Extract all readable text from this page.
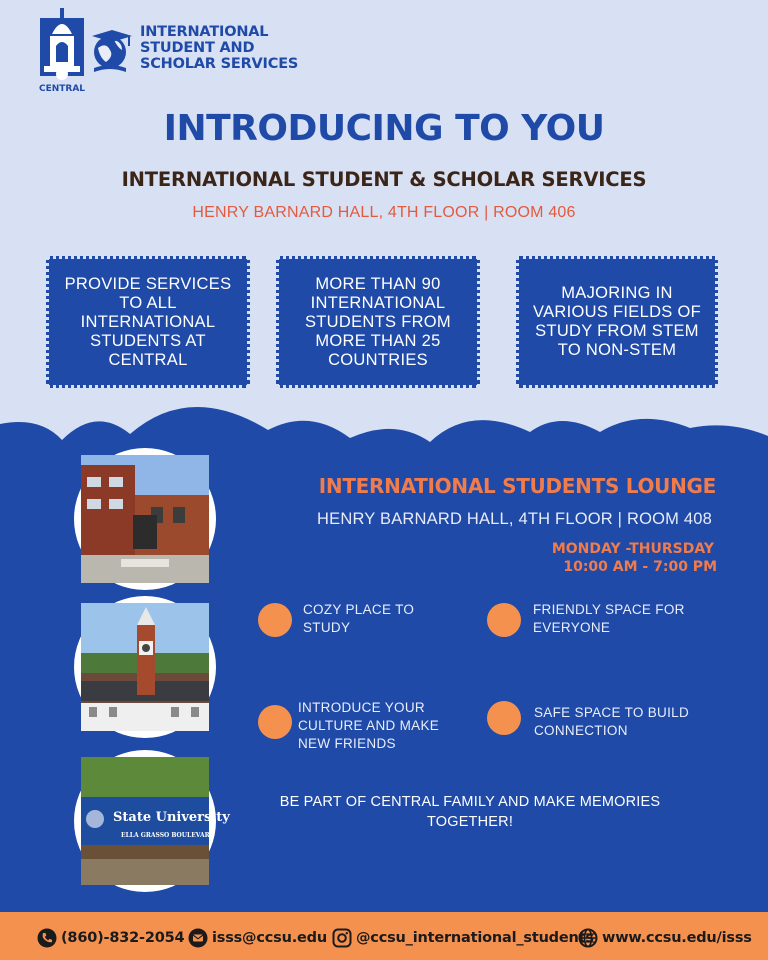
CENTRAL
INTERNATIONAL
STUDENT AND
SCHOLAR SERVICES
INTRODUCING TO YOU
INTERNATIONAL STUDENT & SCHOLAR SERVICES
HENRY BARNARD HALL, 4TH FLOOR | ROOM 406
PROVIDE SERVICES TO ALL INTERNATIONAL STUDENTS AT CENTRAL
MORE THAN 90 INTERNATIONAL STUDENTS FROM MORE THAN 25 COUNTRIES
MAJORING IN VARIOUS FIELDS OF STUDY FROM STEM TO NON-STEM
State University
ELLA GRASSO BOULEVARD
INTERNATIONAL STUDENTS LOUNGE
HENRY BARNARD HALL, 4TH FLOOR | ROOM 408
MONDAY -THURSDAY
10:00 AM - 7:00 PM
COZY PLACE TO STUDY
FRIENDLY SPACE FOR EVERYONE
INTRODUCE YOUR CULTURE AND MAKE NEW FRIENDS
SAFE SPACE TO BUILD CONNECTION
BE PART OF CENTRAL FAMILY AND MAKE MEMORIES TOGETHER!
(860)-832-2054 isss@ccsu.edu @ccsu_international_students www.ccsu.edu/isss
